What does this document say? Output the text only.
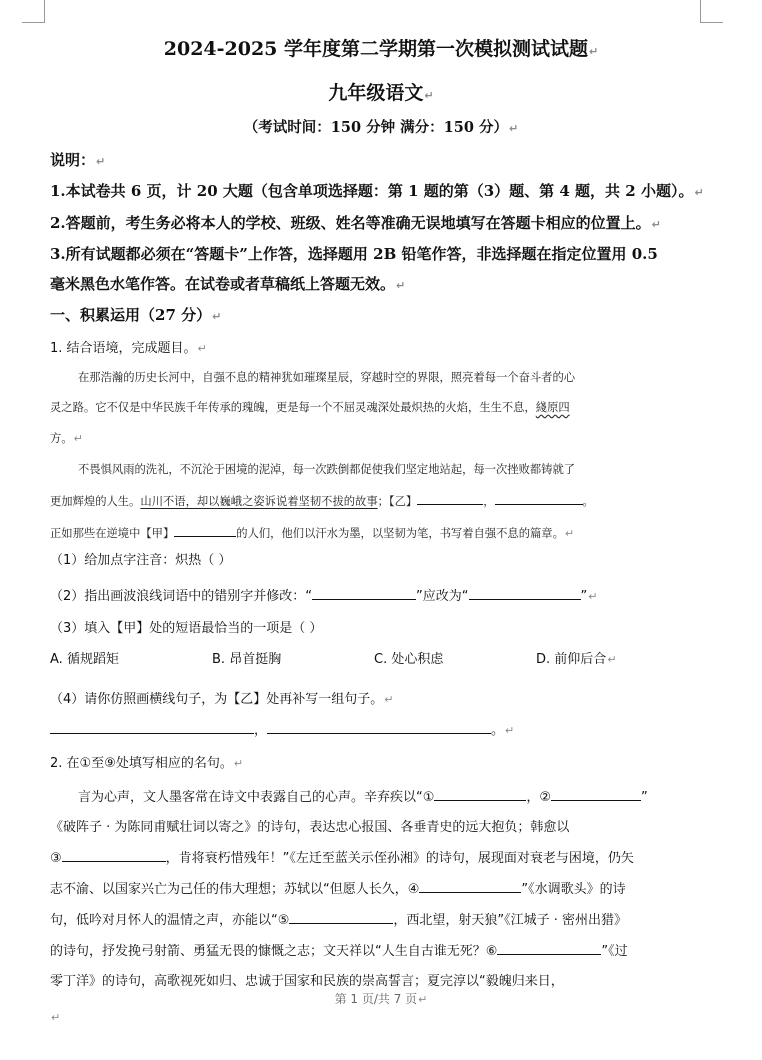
2024-2025 学年度第二学期第一次模拟测试试题↵
九年级语文↵
（考试时间：150 分钟 满分：150 分）↵
说明：↵
1.本试卷共 6 页，计 20 大题（包含单项选择题：第 1 题的第（3）题、第 4 题，共 2 小题）。↵
2.答题前，考生务必将本人的学校、班级、姓名等准确无误地填写在答题卡相应的位置上。↵
3.所有试题都必须在“答题卡”上作答，选择题用 2B 铅笔作答，非选择题在指定位置用 0.5
毫米黑色水笔作答。在试卷或者草稿纸上答题无效。↵
一、积累运用（27 分）↵
1. 结合语境，完成题目。↵
在那浩瀚的历史长河中，自强不息的精神犹如璀璨星辰，穿越时空的界限，照亮着每一个奋斗者的心
灵之路。它不仅是中华民族千年传承的瑰魄，更是每一个不屈灵魂深处最炽热的火焰，生生不息，綫原四
方。↵
不畏惧风雨的洗礼，不沉沦于困境的泥淖，每一次跌倒都促使我们坚定地站起，每一次挫败都铸就了
更加辉煌的人生。山川不语，却以巍峨之姿诉说着坚韧不拔的故事；【乙】	，	。
正如那些在逆境中【甲】	的人们，他们以汗水为墨，以坚韧为笔，书写着自强不息的篇章。↵
（1）给加点字注音：炽热（ ）
（2）指出画波浪线词语中的错别字并修改：“	”应改为“	”↵
（3）填入【甲】处的短语最恰当的一项是（ ）
A. 循规蹈矩	B. 昂首挺胸	C. 处心积虑	D. 前仰后合↵
（4）请你仿照画横线句子，为【乙】处再补写一组句子。↵
，	。↵
2. 在①至⑨处填写相应的名句。↵
言为心声，文人墨客常在诗文中表露自己的心声。辛弃疾以“①	，②	”
《破阵子 · 为陈同甫赋壮词以寄之》的诗句，表达忠心报国、各垂青史的远大抱负；韩愈以
③	，肯将衰朽惜残年！”《左迁至蓝关示侄孙湘》的诗句，展现面对衰老与困境，仍矢
志不渝、以国家兴亡为己任的伟大理想；苏轼以“但愿人长久，④	”《水调歌头》的诗
句，低吟对月怀人的温情之声，亦能以“⑤	，西北望，射天狼”《江城子 · 密州出猎》
的诗句，抒发挽弓射箭、勇猛无畏的慷慨之志；文天祥以“人生自古谁无死？⑥	”《过
零丁洋》的诗句，高歌视死如归、忠诚于国家和民族的崇高誓言；夏完淳以“毅魄归来日，
第 1 页/共 7 页↵
↵
